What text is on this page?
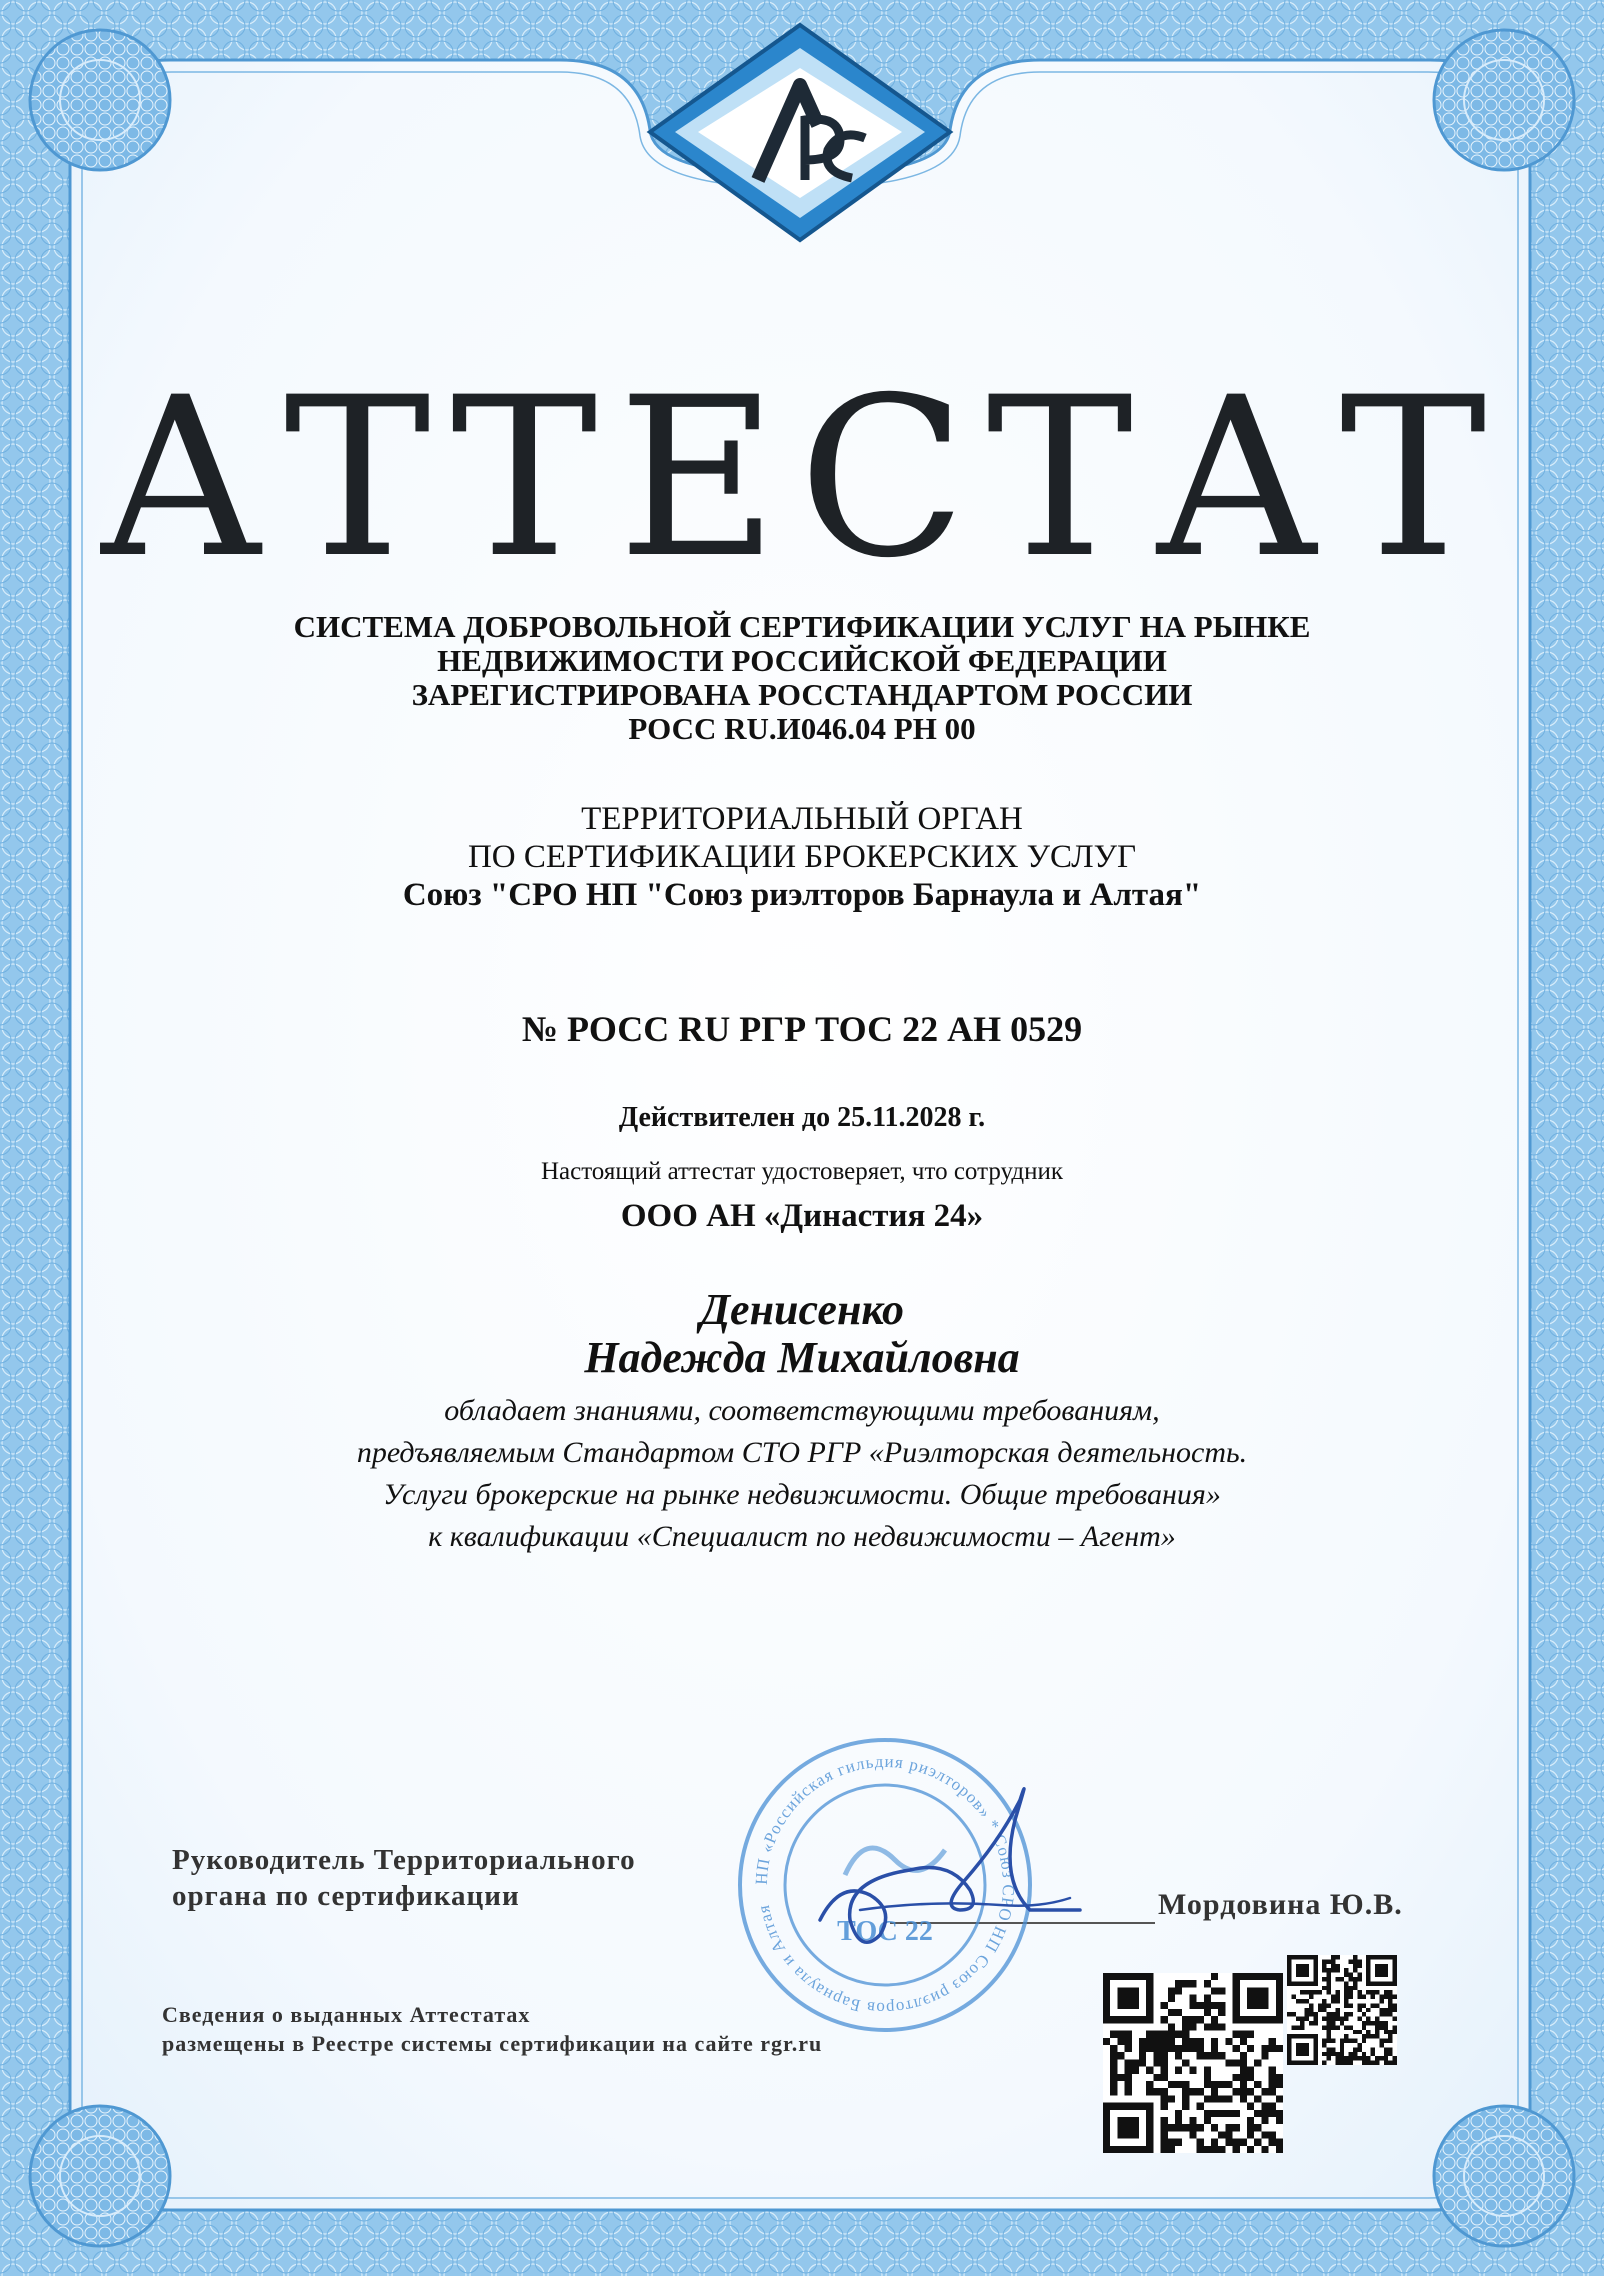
АТТЕСТАТ
СИСТЕМА ДОБРОВОЛЬНОЙ СЕРТИФИКАЦИИ УСЛУГ НА РЫНКЕ
НЕДВИЖИМОСТИ РОССИЙСКОЙ ФЕДЕРАЦИИ
ЗАРЕГИСТРИРОВАНА РОССТАНДАРТОМ РОССИИ
РОСС RU.И046.04 РН 00
ТЕРРИТОРИАЛЬНЫЙ ОРГАН
ПО СЕРТИФИКАЦИИ БРОКЕРСКИХ УСЛУГ
Союз "СРО НП "Союз риэлторов Барнаула и Алтая"
№ РОСС RU РГР ТОС 22 АН 0529
Действителен до 25.11.2028 г.
Настоящий аттестат удостоверяет, что сотрудник
ООО АН «Династия 24»
Денисенко
Надежда Михайловна
обладает знаниями, соответствующими требованиям,
предъявляемым Стандартом СТО РГР «Риэлторская деятельность.
Услуги брокерские на рынке недвижимости. Общие требования»
к квалификации «Специалист по недвижимости – Агент»
Руководитель Территориального
органа по сертификации
НП «Российская гильдия риэлторов» * Союз СРО НП Союз риэлторов Барнаула и Алтая
ТОС 22
Мордовина Ю.В.
Сведения о выданных Аттестатах
размещены в Реестре системы сертификации на сайте rgr.ru
